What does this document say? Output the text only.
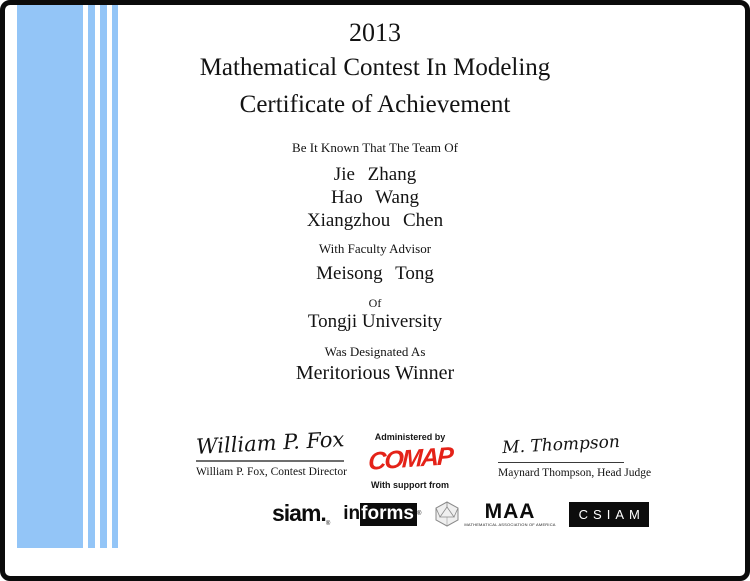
2013
Mathematical Contest In Modeling
Certificate of Achievement
Be It Known That The Team Of
Jie Zhang
Hao Wang
Xiangzhou Chen
With Faculty Advisor
Meisong Tong
Of
Tongji University
Was Designated As
Meritorious Winner
William P. Fox
William P. Fox, Contest Director
Administered by
COMAP
With support from
M. Thompson
Maynard Thompson, Head Judge
$siam._®$
in forms ®	MAA
MATHEMATICAL ASSOCIATION OF AMERICA
CSIAM
